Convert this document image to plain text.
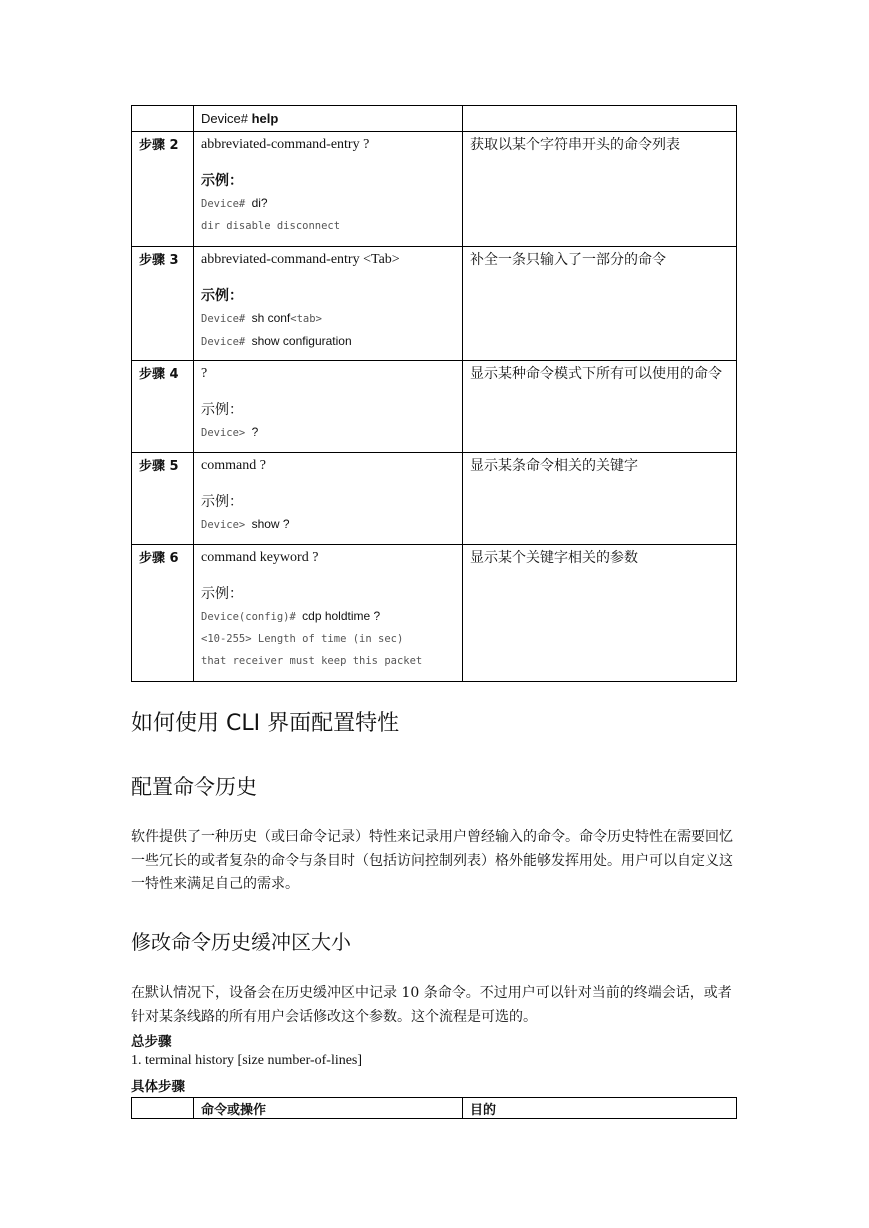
	Device# help	
步骤 2	abbreviated-command-entry ?
示例：
Device# di?
dir disable disconnect	获取以某个字符串开头的命令列表
步骤 3	abbreviated-command-entry <Tab>
示例：
Device# sh conf<tab>
Device# show configuration	补全一条只输入了一部分的命令
步骤 4	?
示例：
Device> ?	显示某种命令模式下所有可以使用的命令
步骤 5	command ?
示例：
Device> show ?	显示某条命令相关的关键字
步骤 6	command keyword ?
示例：
Device(config)# cdp holdtime ?
<10-255> Length of time (in sec)
that receiver must keep this packet	显示某个关键字相关的参数
如何使用 CLI 界面配置特性
配置命令历史

软件提供了一种历史（或曰命令记录）特性来记录用户曾经输入的命令。命令历史特性在需要回忆一些冗长的或者复杂的命令与条目时（包括访问控制列表）格外能够发挥用处。用户可以自定义这一特性来满足自己的需求。

修改命令历史缓冲区大小

在默认情况下，设备会在历史缓冲区中记录 10 条命令。不过用户可以针对当前的终端会话，或者针对某条线路的所有用户会话修改这个参数。这个流程是可选的。

总步骤
1. terminal history [size number-of-lines]
具体步骤
	命令或操作	目的
